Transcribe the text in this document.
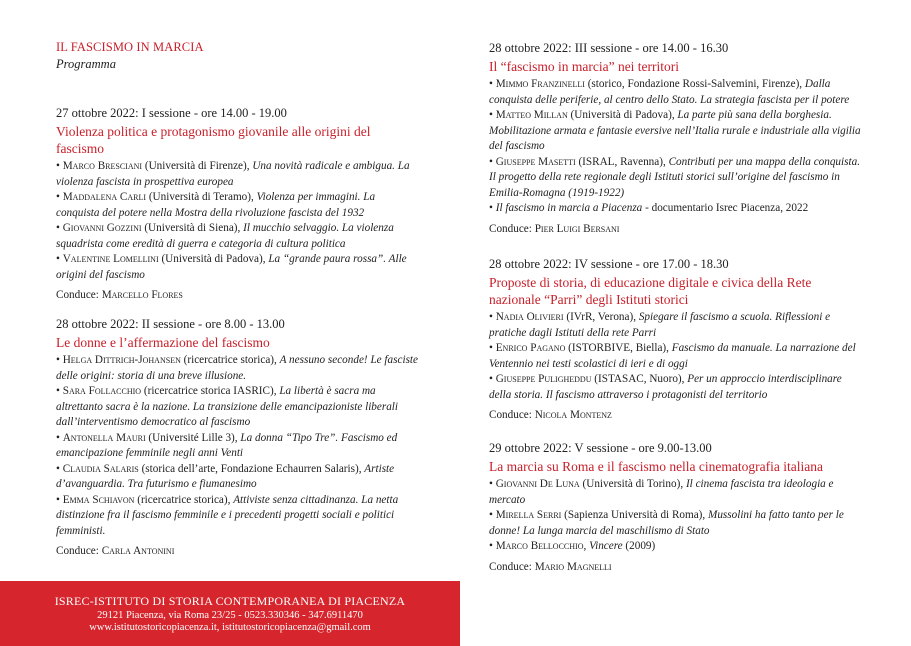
IL FASCISMO IN MARCIA
Programma
27 ottobre 2022: I sessione - ore 14.00 - 19.00
Violenza politica e protagonismo giovanile alle origini del fascismo

• Marco Bresciani (Università di Firenze), Una novità radicale e ambigua. La violenza fascista in prospettiva europea

• Maddalena Carli (Università di Teramo), Violenza per immagini. La conquista del potere nella Mostra della rivoluzione fascista del 1932

• Giovanni Gozzini (Università di Siena), Il mucchio selvaggio. La violenza squadrista come eredità di guerra e categoria di cultura politica

• Valentine Lomellini (Università di Padova), La “grande paura rossa”. Alle origini del fascismo

Conduce: Marcello Flores
28 ottobre 2022: II sessione - ore 8.00 - 13.00
Le donne e l’affermazione del fascismo

• Helga Dittrich-Johansen (ricercatrice storica), A nessuno seconde! Le fasciste delle origini: storia di una breve illusione.

• Sara Follacchio (ricercatrice storica IASRIC), La libertà è sacra ma altrettanto sacra è la nazione. La transizione delle emancipazioniste liberali dall’interventismo democratico al fascismo

• Antonella Mauri (Université Lille 3), La donna “Tipo Tre”. Fascismo ed emancipazione femminile negli anni Venti

• Claudia Salaris (storica dell’arte, Fondazione Echaurren Salaris), Artiste d’avanguardia. Tra futurismo e fiumanesimo

• Emma Schiavon (ricercatrice storica), Attiviste senza cittadinanza. La netta distinzione fra il fascismo femminile e i precedenti progetti sociali e politici femministi.

Conduce: Carla Antonini
28 ottobre 2022: III sessione - ore 14.00 - 16.30
Il “fascismo in marcia” nei territori

• Mimmo Franzinelli (storico, Fondazione Rossi-Salvemini, Firenze), Dalla conquista delle periferie, al centro dello Stato. La strategia fascista per il potere

• Matteo Millan (Università di Padova), La parte più sana della borghesia. Mobilitazione armata e fantasie eversive nell’Italia rurale e industriale alla vigilia del fascismo

• Giuseppe Masetti (ISRAL, Ravenna), Contributi per una mappa della conquista. Il progetto della rete regionale degli Istituti storici sull’origine del fascismo in Emilia-Romagna (1919-1922)

• Il fascismo in marcia a Piacenza - documentario Isrec Piacenza, 2022

Conduce: Pier Luigi Bersani
28 ottobre 2022: IV sessione - ore 17.00 - 18.30
Proposte di storia, di educazione digitale e civica della Rete nazionale “Parri” degli Istituti storici

• Nadia Olivieri (IVrR, Verona), Spiegare il fascismo a scuola. Riflessioni e pratiche dagli Istituti della rete Parri

• Enrico Pagano (ISTORBIVE, Biella), Fascismo da manuale. La narrazione del Ventennio nei testi scolastici di ieri e di oggi

• Giuseppe Puligheddu (ISTASAC, Nuoro), Per un approccio interdisciplinare della storia. Il fascismo attraverso i protagonisti del territorio

Conduce: Nicola Montenz
29 ottobre 2022: V sessione - ore 9.00-13.00
La marcia su Roma e il fascismo nella cinematografia italiana

• Giovanni De Luna (Università di Torino), Il cinema fascista tra ideologia e mercato

• Mirella Serri (Sapienza Università di Roma), Mussolini ha fatto tanto per le donne! La lunga marcia del maschilismo di Stato

• Marco Bellocchio, Vincere (2009)

Conduce: Mario Magnelli
ISREC-ISTITUTO DI STORIA CONTEMPORANEA DI PIACENZA
29121 Piacenza, via Roma 23/25 - 0523.330346 - 347.6911470
www.istitutostoricopiacenza.it, istitutostoricopiacenza@gmail.com
